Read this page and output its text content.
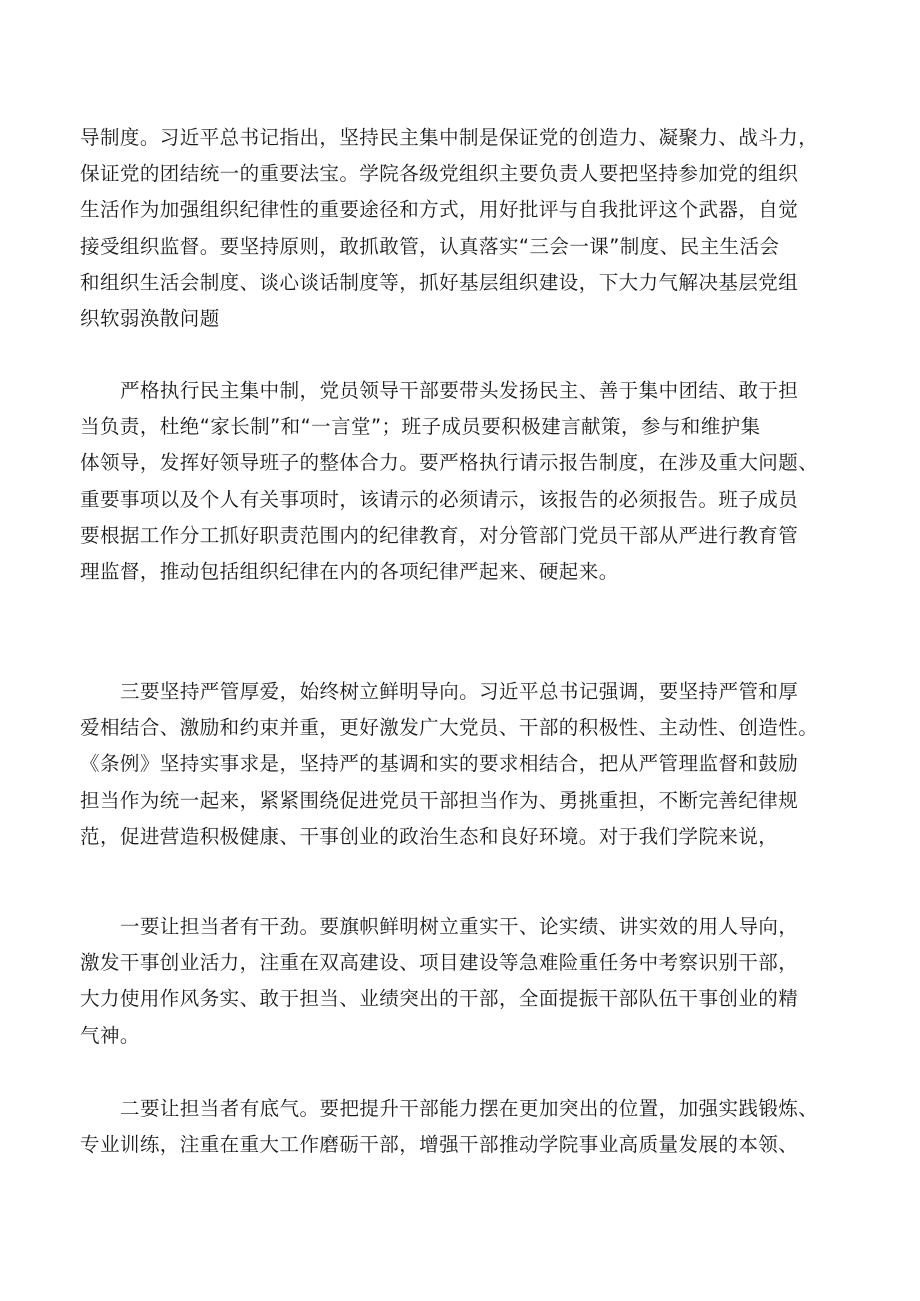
导制度。习近平总书记指出，坚持民主集中制是保证党的创造力、凝聚力、战斗力，
保证党的团结统一的重要法宝。学院各级党组织主要负责人要把坚持参加党的组织
生活作为加强组织纪律性的重要途径和方式，用好批评与自我批评这个武器，自觉
接受组织监督。要坚持原则，敢抓敢管，认真落实“三会一课”制度、民主生活会
和组织生活会制度、谈心谈话制度等，抓好基层组织建设，下大力气解决基层党组
织软弱涣散问题
严格执行民主集中制，党员领导干部要带头发扬民主、善于集中团结、敢于担
当负责，杜绝“家长制”和“一言堂”；班子成员要积极建言献策，参与和维护集
体领导，发挥好领导班子的整体合力。要严格执行请示报告制度，在涉及重大问题、
重要事项以及个人有关事项时，该请示的必须请示，该报告的必须报告。班子成员
要根据工作分工抓好职责范围内的纪律教育，对分管部门党员干部从严进行教育管
理监督，推动包括组织纪律在内的各项纪律严起来、硬起来。
三要坚持严管厚爱，始终树立鲜明导向。习近平总书记强调，要坚持严管和厚
爱相结合、激励和约束并重，更好激发广大党员、干部的积极性、主动性、创造性。
《条例》坚持实事求是，坚持严的基调和实的要求相结合，把从严管理监督和鼓励
担当作为统一起来，紧紧围绕促进党员干部担当作为、勇挑重担，不断完善纪律规
范，促进营造积极健康、干事创业的政治生态和良好环境。对于我们学院来说，
一要让担当者有干劲。要旗帜鲜明树立重实干、论实绩、讲实效的用人导向，
激发干事创业活力，注重在双高建设、项目建设等急难险重任务中考察识别干部，
大力使用作风务实、敢于担当、业绩突出的干部，全面提振干部队伍干事创业的精
气神。
二要让担当者有底气。要把提升干部能力摆在更加突出的位置，加强实践锻炼、
专业训练，注重在重大工作磨砺干部，增强干部推动学院事业高质量发展的本领、
